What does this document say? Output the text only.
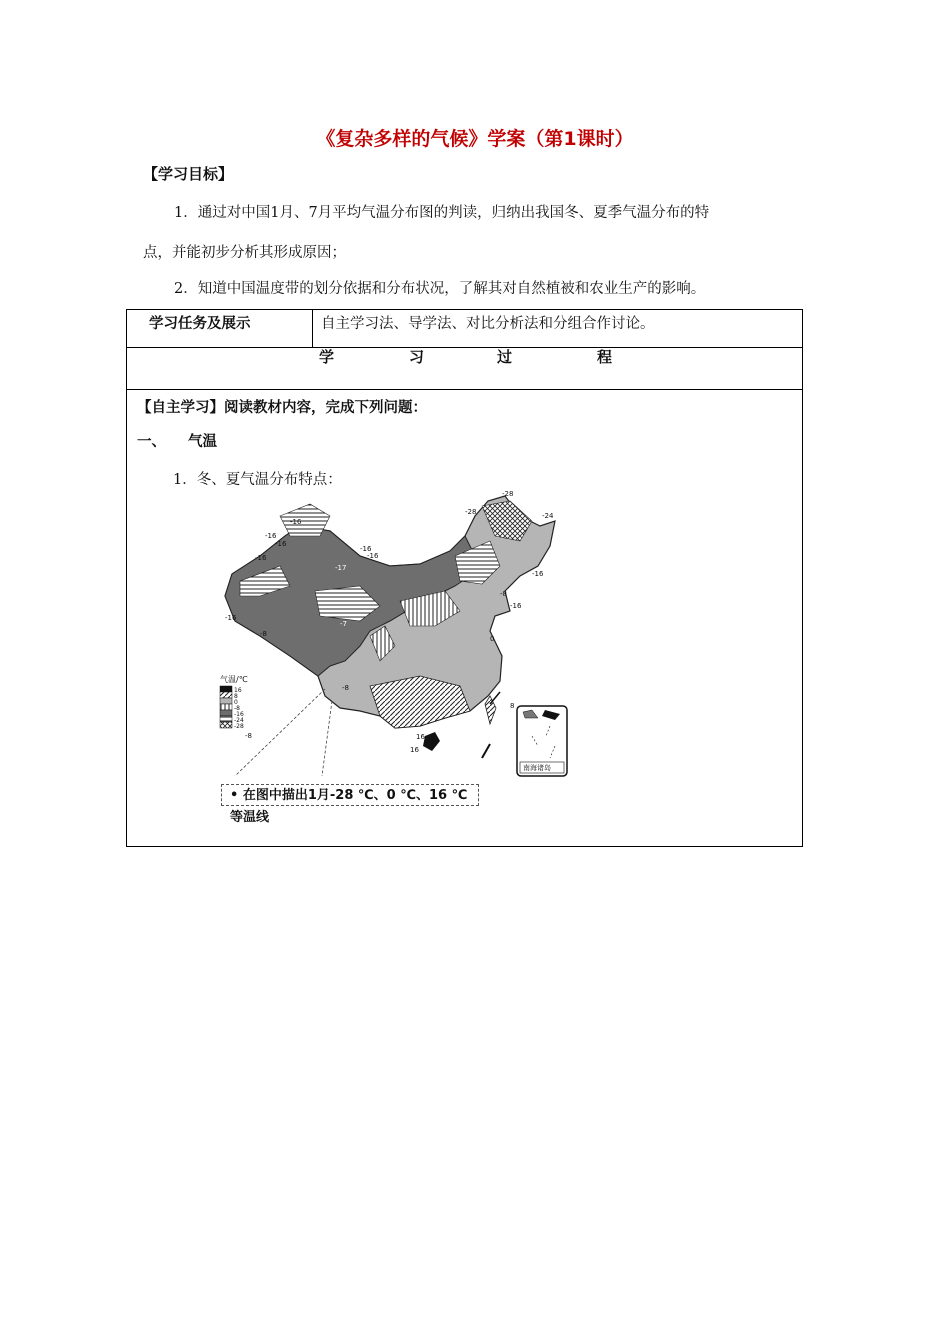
《复杂多样的气候》学案（第1课时）
【学习目标】
1．通过对中国1月、7月平均气温分布图的判读，归纳出我国冬、夏季气温分布的特
点，并能初步分析其形成原因；
2．知道中国温度带的划分依据和分布状况，了解其对自然植被和农业生产的影响。
学习任务及展示	自主学习法、导学法、对比分析法和分组合作讨论。

学	习	过	程

【自主学习】阅读教材内容，完成下列问题：
一、 气温
1．冬、夏气温分布特点：
-28
-28	-24
-16
-16
-16
-16
-16
-16
-16
-16
-8
-8
-8
-8
0
8
16
16
-16
-17
-7
气温/℃
16
8
0
-8
-16
-24
-28
南海诸岛
• 在图中描出1月-28 ℃、0 ℃、16 ℃等温线
